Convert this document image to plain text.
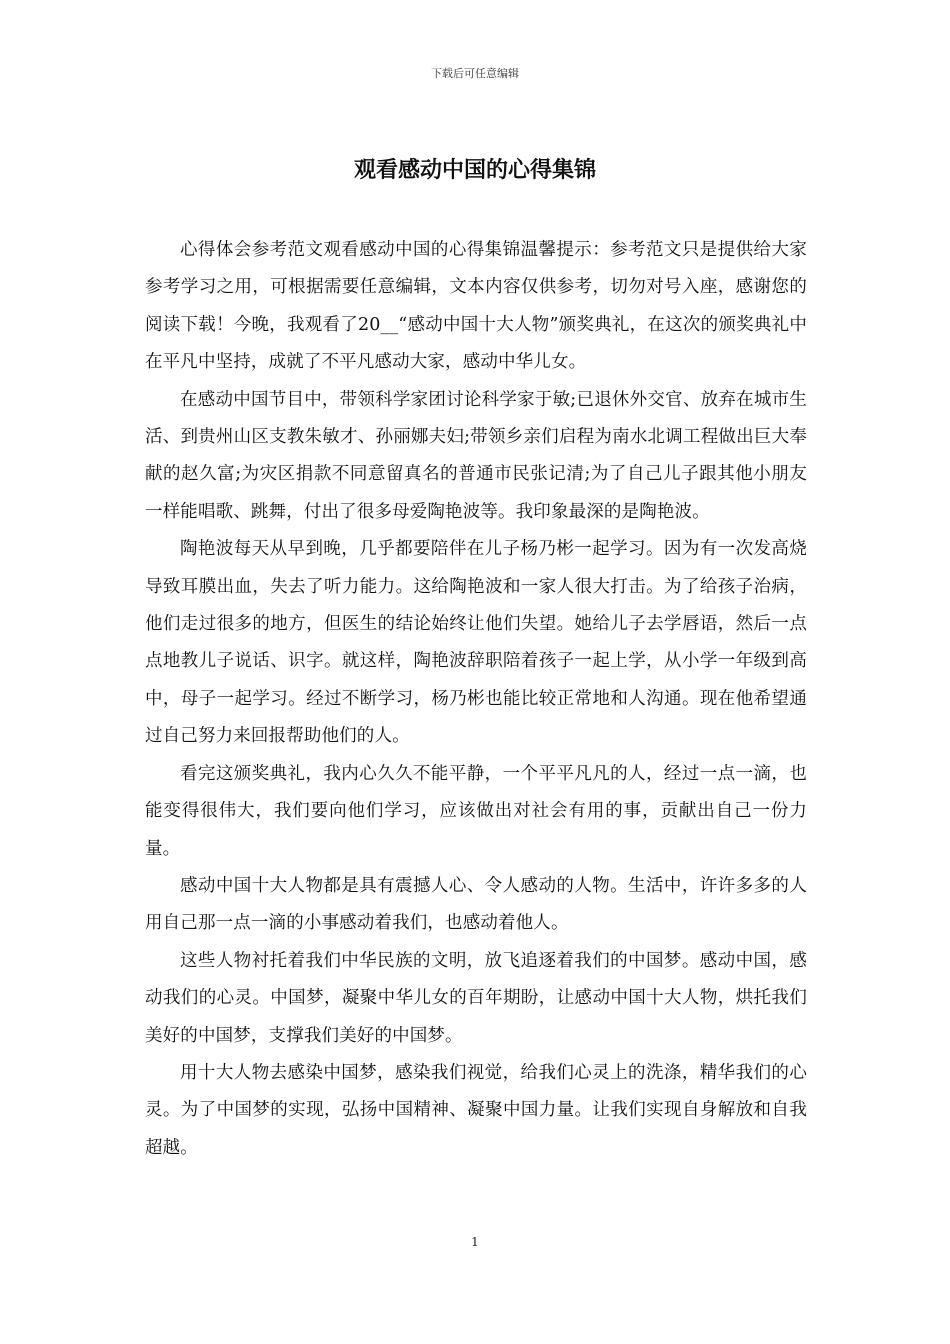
下载后可任意编辑
观看感动中国的心得集锦

心得体会参考范文观看感动中国的心得集锦温馨提示：参考范文只是提供给大家参考学习之用，可根据需要任意编辑，文本内容仅供参考，切勿对号入座，感谢您的阅读下载！今晚，我观看了20__“感动中国十大人物”颁奖典礼，在这次的颁奖典礼中在平凡中坚持，成就了不平凡感动大家，感动中华儿女。

在感动中国节目中，带领科学家团讨论科学家于敏;已退休外交官、放弃在城市生活、到贵州山区支教朱敏才、孙丽娜夫妇;带领乡亲们启程为南水北调工程做出巨大奉献的赵久富;为灾区捐款不同意留真名的普通市民张记清;为了自己儿子跟其他小朋友一样能唱歌、跳舞，付出了很多母爱陶艳波等。我印象最深的是陶艳波。

陶艳波每天从早到晚，几乎都要陪伴在儿子杨乃彬一起学习。因为有一次发高烧导致耳膜出血，失去了听力能力。这给陶艳波和一家人很大打击。为了给孩子治病，他们走过很多的地方，但医生的结论始终让他们失望。她给儿子去学唇语，然后一点点地教儿子说话、识字。就这样，陶艳波辞职陪着孩子一起上学，从小学一年级到高中，母子一起学习。经过不断学习，杨乃彬也能比较正常地和人沟通。现在他希望通过自己努力来回报帮助他们的人。

看完这颁奖典礼，我内心久久不能平静，一个平平凡凡的人，经过一点一滴，也能变得很伟大，我们要向他们学习，应该做出对社会有用的事，贡献出自己一份力量。

感动中国十大人物都是具有震撼人心、令人感动的人物。生活中，许许多多的人用自己那一点一滴的小事感动着我们，也感动着他人。

这些人物衬托着我们中华民族的文明，放飞追逐着我们的中国梦。感动中国，感动我们的心灵。中国梦，凝聚中华儿女的百年期盼，让感动中国十大人物，烘托我们美好的中国梦，支撑我们美好的中国梦。

用十大人物去感染中国梦，感染我们视觉，给我们心灵上的洗涤，精华我们的心灵。为了中国梦的实现，弘扬中国精神、凝聚中国力量。让我们实现自身解放和自我超越。

1
